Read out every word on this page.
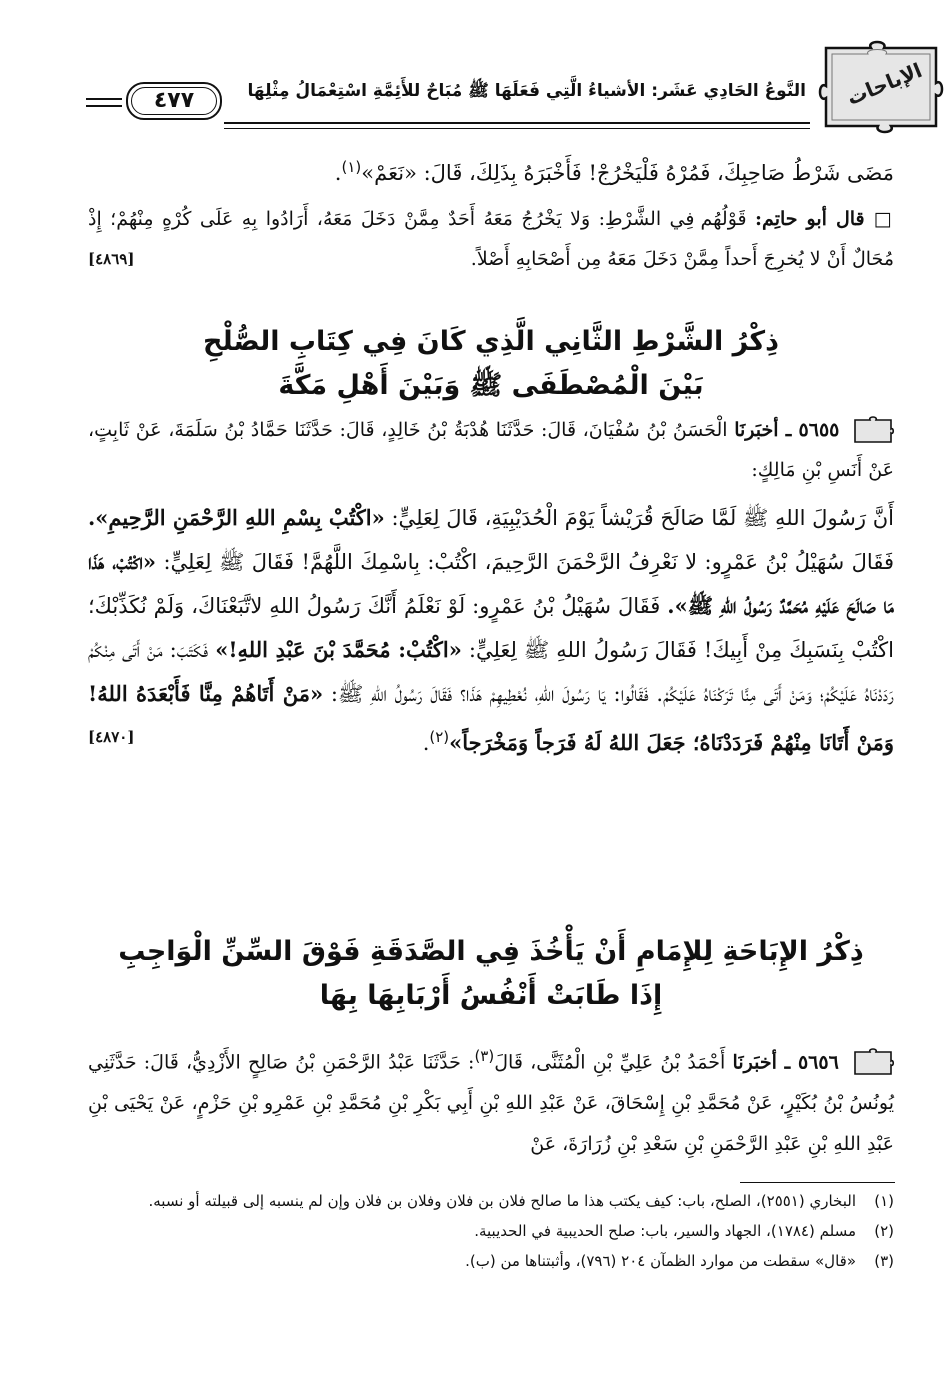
الإباحات
النَّوعُ الحَادِي عَشَر: الأشياءُ الَّتِي فَعَلَهَا ﷺ مُبَاحٌ للأَئِمَّةِ اسْتِعْمَالُ مِثْلِهَا
٤٧٧

مَضَى شَرْطُ صَاحِبِكَ، فَمُرْهُ فَلْيَخْرُجْ! فَأَخْبَرَهُ بِذَلِكَ، قَالَ: «نَعَمْ»$^{(١)}$.

□ قال أبو حاتِم: قَوْلُهُم فِي الشَّرْطِ: وَلا يَخْرُجُ مَعَهُ أَحَدٌ مِمَّنْ دَخَلَ مَعَهُ، أَرَادُوا بِهِ عَلَى كُرْهٍ مِنْهُمْ؛ إِذْ مُحَالٌ أَنْ لا يُخرِجَ أَحداً مِمَّنْ دَخَلَ مَعَهُ مِن أَصْحَابِهِ أَصْلاً.
[٤٨٦٩]

ذِكْرُ الشَّرْطِ الثَّانِي الَّذِي كَانَ فِي كِتَابِ الصُّلْحِ
بَيْنَ الْمُصْطَفَى ﷺ وَبَيْنَ أَهْلِ مَكَّةَ

٥٦٥٥ ـ أخبَرنَا الْحَسَنُ بْنُ سُفْيَانَ، قَالَ: حَدَّثَنَا هُدْبَةُ بْنُ خَالِدٍ، قَالَ: حَدَّثَنَا حَمَّادُ بْنُ سَلَمَةَ، عَنْ ثَابِتٍ، عَنْ أَنَسِ بْنِ مَالِكٍ:

أَنَّ رَسُولَ اللهِ ﷺ لَمَّا صَالَحَ قُرَيْشاً يَوْمَ الْحُدَيْبِيَةِ، قَالَ لِعَلِيٍّ: «اكْتُبْ بِسْمِ اللهِ الرَّحْمَنِ الرَّحِيمِ». فَقَالَ سُهَيْلُ بْنُ عَمْرٍو: لا نَعْرِفُ الرَّحْمَنَ الرَّحِيمَ، اكْتُبْ: بِاسْمِكَ اللَّهُمَّ! فَقَالَ ﷺ لِعَلِيٍّ: «اكْتُبْ، هَذَا مَا صَالَحَ عَلَيْهِ مُحَمَّدٌ رَسُولُ اللهِ ﷺ». فَقَالَ سُهَيْلُ بْنُ عَمْرٍو: لَوْ نَعْلَمُ أَنَّكَ رَسُولُ اللهِ لاتَّبَعْنَاكَ، وَلَمْ نُكَذِّبْكَ؛ اكْتُبْ بِنَسَبِكَ مِنْ أَبِيكَ! فَقَالَ رَسُولُ اللهِ ﷺ لِعَلِيٍّ: «اكْتُبْ: مُحَمَّدَ بْنَ عَبْدِ اللهِ!» فَكَتَبَ: مَنْ أَتَى مِنْكُمْ رَدَدْنَاهُ عَلَيْكُمْ؛ وَمَنْ أَتَى مِنَّا تَرَكْنَاهُ عَلَيْكُمْ. فَقَالُوا: يَا رَسُولَ اللهِ، نُعْطِيهِمْ هَذَا؟ فَقَالَ رَسُولُ اللهِ ﷺ: «مَنْ أَتَاهُمْ مِنَّا فَأَبْعَدَهُ اللهُ! وَمَنْ أَتَانَا مِنْهُمْ فَرَدَدْنَاهُ؛ جَعَلَ اللهُ لَهُ فَرَجاً وَمَخْرَجاً»$^{(٢)}$.
[٤٨٧٠]

ذِكْرُ الإِبَاحَةِ لِلإِمَامِ أَنْ يَأْخُذَ فِي الصَّدَقَةِ فَوْقَ السِّنِّ الْوَاجِبِ
إِذَا طَابَتْ أَنْفُسُ أَرْبَابِهَا بِهَا

٥٦٥٦ ـ أخبَرنَا أَحْمَدُ بْنُ عَلِيِّ بْنِ الْمُثَنَّى، قَالَ$^{(٣)}$: حَدَّثَنَا عَبْدُ الرَّحْمَنِ بْنُ صَالِحٍ الأَزْدِيُّ، قَالَ: حَدَّثَنِي يُونُسُ بْنُ بُكَيْرٍ، عَنْ مُحَمَّدِ بْنِ إِسْحَاقَ، عَنْ عَبْدِ اللهِ بْنِ أَبِي بَكْرِ بْنِ مُحَمَّدِ بْنِ عَمْرِو بْنِ حَزْمٍ، عَنْ يَحْيَى بْنِ عَبْدِ اللهِ بْنِ عَبْدِ الرَّحْمَنِ بْنِ سَعْدِ بْنِ زُرَارَةَ، عَنْ

(١)
البخاري (٢٥٥١)، الصلح، باب: كيف يكتب هذا ما صالح فلان بن فلان وفلان بن فلان وإن لم ينسبه إلى قبيلته أو نسبه.
(٢)
مسلم (١٧٨٤)، الجهاد والسير، باب: صلح الحديبية في الحديبية.
(٣)
«قال» سقطت من موارد الظمآن ٢٠٤ (٧٩٦)، وأثبتناها من (ب).
